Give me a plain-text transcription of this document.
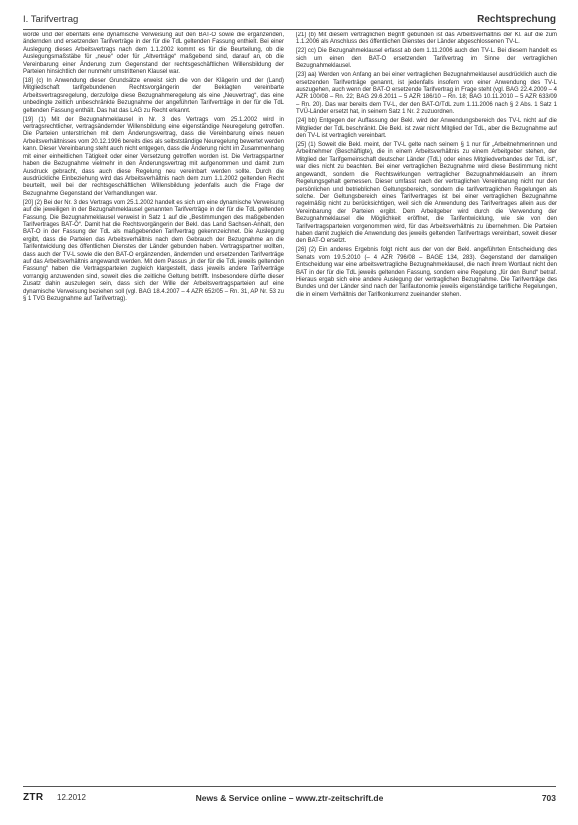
I. Tarifvertrag	Rechtsprechung

worde und der ebenfalls eine dynamische Verweisung auf den BAT-O sowie die ergänzenden, ändernden und ersetzenden Tarifverträge in der für die TdL geltenden Fassung enthielt. Bei einer Auslegung dieses Arbeitsvertrags nach dem 1.1.2002 kommt es für die Beurteilung, ob die Auslegungsmaßstäbe für „neue“ oder für „Altverträge“ maßgebend sind, darauf an, ob die Vereinbarung einer Änderung zum Gegenstand der rechtsgeschäftlichen Willensbildung der Parteien hinsichtlich der nunmehr umstrittenen Klausel war.

[18] (c) In Anwendung dieser Grundsätze erweist sich die von der Klägerin und der (Land) Mitgliedschaft tarifgebundenen Rechtsvorgängerin der Beklagten vereinbarte Arbeitsvertragsregelung, derzufolge diese Bezugnahmeregelung als eine „Neuvertrag“, das eine unbedingte zeitlich unbeschränkte Bezugnahme der angeführten Tarifverträge in der für die TdL geltenden Fassung enthält. Das hat das LAG zu Recht erkannt.

[19] (1) Mit der Bezugnahmeklausel in Nr. 3 des Vertrags vom 25.1.2002 wird in vertragsrechtlicher, vertragsändernder Willensbildung eine eigenständige Neuregelung getroffen. Die Parteien unterstrichen mit dem Änderungsvertrag, dass die Vereinbarung eines neuen Arbeitsverhältnisses vom 20.12.1996 bereits dies als selbstständige Neuregelung bewertet werden kann. Dieser Vereinbarung steht auch nicht entgegen, dass die Änderung nicht im Zusammenhang mit einer einheitlichen Tätigkeit oder einer Versetzung getroffen worden ist. Die Vertragspartner haben die Bezugnahme vielmehr in den Änderungsvertrag mit aufgenommen und damit zum Ausdruck gebracht, dass auch diese Regelung neu vereinbart werden sollte. Durch die ausdrückliche Einbeziehung wird das Arbeitsverhältnis nach dem zum 1.1.2002 geltenden Recht beurteilt, weil bei der rechtsgeschäftlichen Willensbildung jedenfalls auch die Frage der Bezugnahme Gegenstand der Verhandlungen war.

[20] (2) Bei der Nr. 3 des Vertrags vom 25.1.2002 handelt es sich um eine dynamische Verweisung auf die jeweiligen in der Bezugnahmeklausel genannten Tarifverträge in der für die TdL geltenden Fassung. Die Bezugnahmeklausel verweist in Satz 1 auf die „Bestimmungen des maßgebenden Tarifvertrages BAT-O“. Damit hat die Rechtsvorgängerin der Bekl. das Land Sachsen-Anhalt, den BAT-O in der Fassung der TdL als maßgebenden Tarifvertrag gekennzeichnet. Die Auslegung ergibt, dass die Parteien das Arbeitsverhältnis nach dem Gebrauch der Bezugnahme an die Tarifentwicklung des öffentlichen Dienstes der Länder gebunden haben. Vertragspartner wollten, dass auch der TV-L sowie die den BAT-O ergänzenden, ändernden und ersetzenden Tarifverträge auf das Arbeitsverhältnis angewandt werden. Mit dem Passus „in der für die TdL jeweils geltenden Fassung“ haben die Vertragsparteien zugleich klargestellt, dass jeweils andere Tarifverträge vorrangig anzuwenden sind, soweit dies die zeitliche Geltung betrifft. Insbesondere dürfte dieser Zusatz dahin auszulegen sein, dass sich der Wille der Arbeitsvertragsparteien auf eine dynamische Verweisung beziehen soll (vgl. BAG 18.4.2007 – 4 AZR 652/05 – Rn. 31, AP Nr. 53 zu § 1 TVG Bezugnahme auf Tarifvertrag).

[21] (b) Mit diesem vertraglichen Begriff gebunden ist das Arbeitsverhältnis der Kl. auf die zum 1.1.2006 als Anschluss des öffentlichen Dienstes der Länder abgeschlossenen TV-L.

[22] cc) Die Bezugnahmeklausel erfasst ab dem 1.11.2006 auch den TV-L. Bei diesem handelt es sich um einen den BAT-O ersetzenden Tarifvertrag im Sinne der vertraglichen Bezugnahmeklausel.

[23] aa) Werden von Anfang an bei einer vertraglichen Bezugnahmeklausel ausdrücklich auch die ersetzenden Tarifverträge genannt, ist jedenfalls insofern von einer Anwendung des TV-L auszugehen, auch wenn der BAT-O ersetzende Tarifvertrag in Frage steht (vgl. BAG 22.4.2009 – 4 AZR 100/08 – Rn. 22; BAG 29.6.2011 – 5 AZR 186/10 – Rn. 18; BAG 10.11.2010 – 5 AZR 633/09 – Rn. 20). Das war bereits dem TV-L, der den BAT-O/TdL zum 1.11.2006 nach § 2 Abs. 1 Satz 1 TVÜ-Länder ersetzt hat, in seinem Satz 1 Nr. 2 zuzuordnen.

[24] bb) Entgegen der Auffassung der Bekl. wird der Anwendungsbereich des TV-L nicht auf die Mitglieder der TdL beschränkt. Die Bekl. ist zwar nicht Mitglied der TdL, aber die Bezugnahme auf den TV-L ist vertraglich vereinbart.

[25] (1) Soweit die Bekl. meint, der TV-L gelte nach seinem § 1 nur für „Arbeitnehmerinnen und Arbeitnehmer (Beschäftigte), die in einem Arbeitsverhältnis zu einem Arbeitgeber stehen, der Mitglied der Tarifgemeinschaft deutscher Länder (TdL) oder eines Mitgliedverbandes der TdL ist“, war dies nicht zu beachten. Bei einer vertraglichen Bezugnahme wird diese Bestimmung nicht angewandt, sondern die Rechtswirkungen vertraglicher Bezugnahmeklauseln an ihrem Regelungsgehalt gemessen. Dieser umfasst nach der vertraglichen Vereinbarung nicht nur den persönlichen und betrieblichen Geltungsbereich, sondern die tarifvertraglichen Regelungen als solche. Der Geltungsbereich eines Tarifvertrages ist bei einer vertraglichen Bezugnahme regelmäßig nicht zu berücksichtigen, weil sich die Anwendung des Tarifvertrages allein aus der Vereinbarung der Parteien ergibt. Dem Arbeitgeber wird durch die Verwendung der Bezugnahmeklausel die Möglichkeit eröffnet, die Tarifentwicklung, wie sie von den Tarifvertragsparteien vorgenommen wird, für das Arbeitsverhältnis zu übernehmen. Die Parteien haben damit zugleich die Anwendung des jeweils geltenden Tarifvertrags vereinbart, soweit dieser den BAT-O ersetzt.

[26] (2) Ein anderes Ergebnis folgt nicht aus der von der Bekl. angeführten Entscheidung des Senats vom 19.5.2010 (– 4 AZR 796/08 – BAGE 134, 283). Gegenstand der damaligen Entscheidung war eine arbeitsvertragliche Bezugnahmeklausel, die nach ihrem Wortlaut nicht den BAT in der für die TdL jeweils geltenden Fassung, sondern eine Regelung „für den Bund“ betraf. Hieraus ergab sich eine andere Auslegung der vertraglichen Bezugnahme. Die Tarifverträge des Bundes und der Länder sind nach der Tarifautonomie jeweils eigenständige tarifliche Regelungen, die in einem Verhältnis der Tarifkonkurrenz zueinander stehen.

ZTR 12.2012	News & Service online – www.ztr-zeitschrift.de	703
